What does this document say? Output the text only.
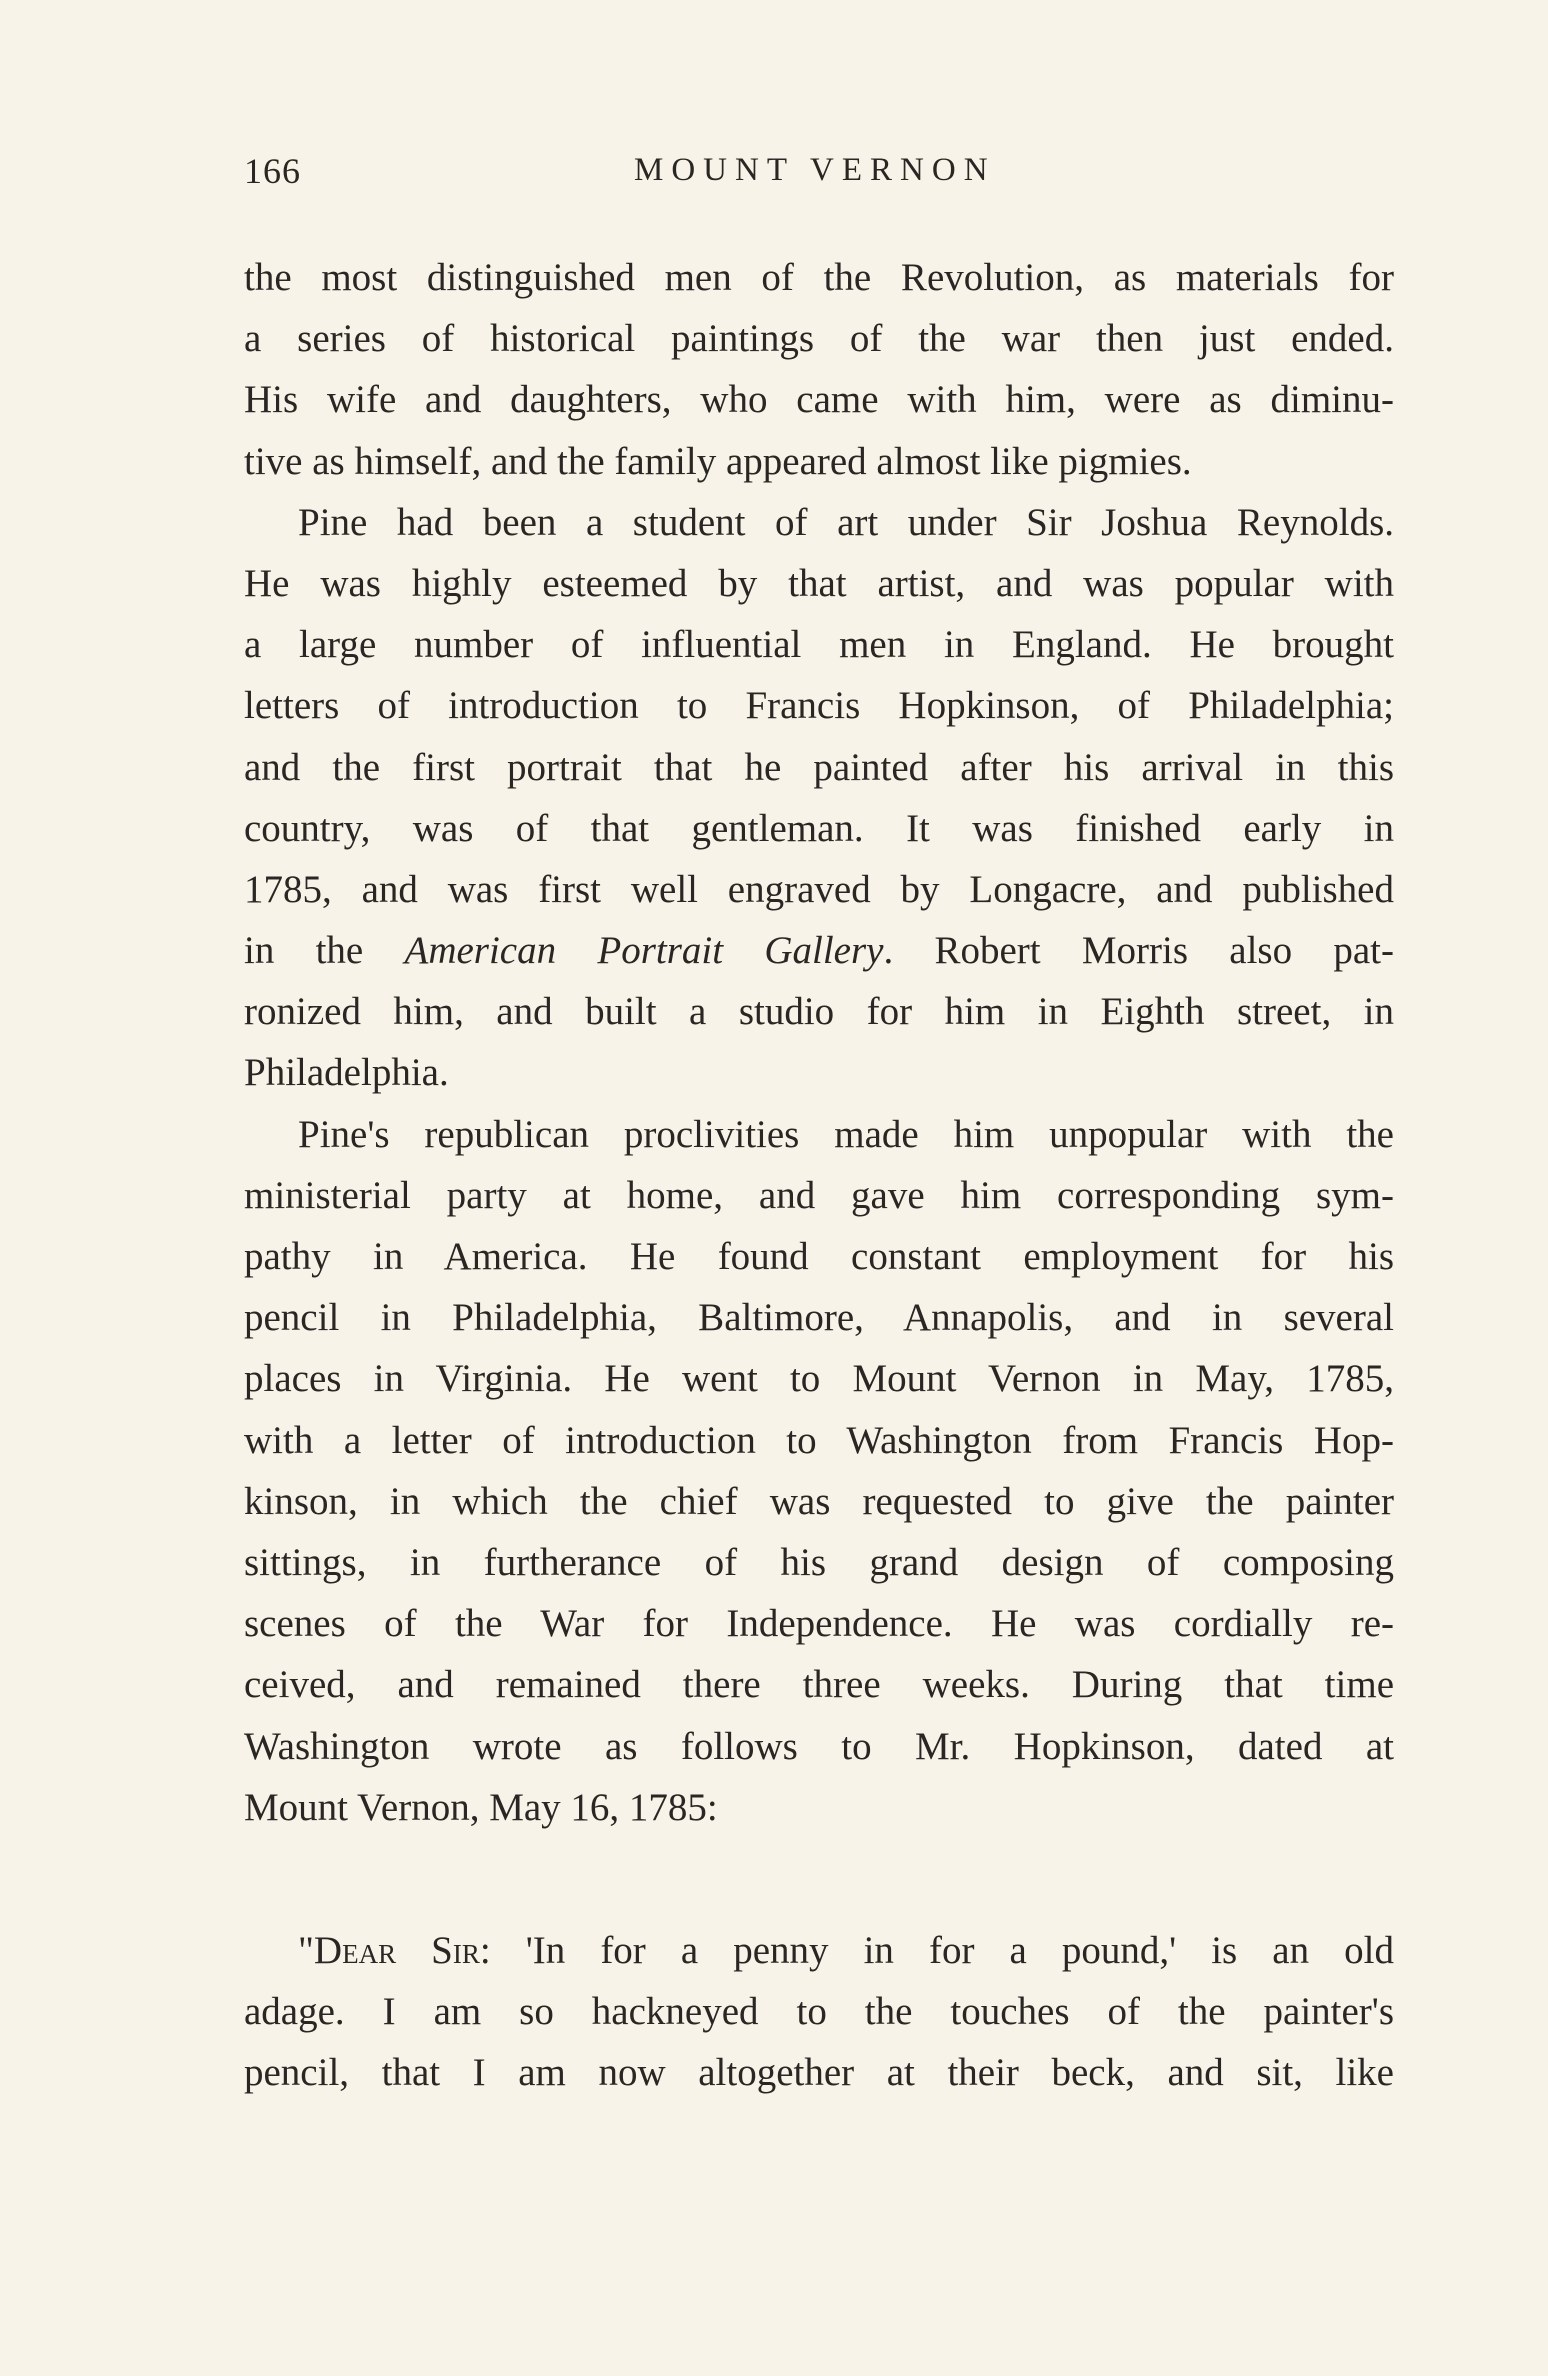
166	MOUNT VERNON
the most distinguished men of the Revolution, as materials for
a series of historical paintings of the war then just ended.
His wife and daughters, who came with him, were as diminu-
tive as himself, and the family appeared almost like pigmies.
Pine had been a student of art under Sir Joshua Reynolds.
He was highly esteemed by that artist, and was popular with
a large number of influential men in England. He brought
letters of introduction to Francis Hopkinson, of Philadelphia;
and the first portrait that he painted after his arrival in this
country, was of that gentleman. It was finished early in
1785, and was first well engraved by Longacre, and published
in the American Portrait Gallery. Robert Morris also pat-
ronized him, and built a studio for him in Eighth street, in
Philadelphia.
Pine's republican proclivities made him unpopular with the
ministerial party at home, and gave him corresponding sym-
pathy in America. He found constant employment for his
pencil in Philadelphia, Baltimore, Annapolis, and in several
places in Virginia. He went to Mount Vernon in May, 1785,
with a letter of introduction to Washington from Francis Hop-
kinson, in which the chief was requested to give the painter
sittings, in furtherance of his grand design of composing
scenes of the War for Independence. He was cordially re-
ceived, and remained there three weeks. During that time
Washington wrote as follows to Mr. Hopkinson, dated at
Mount Vernon, May 16, 1785:
"Dear Sir: 'In for a penny in for a pound,' is an old
adage. I am so hackneyed to the touches of the painter's
pencil, that I am now altogether at their beck, and sit, like
